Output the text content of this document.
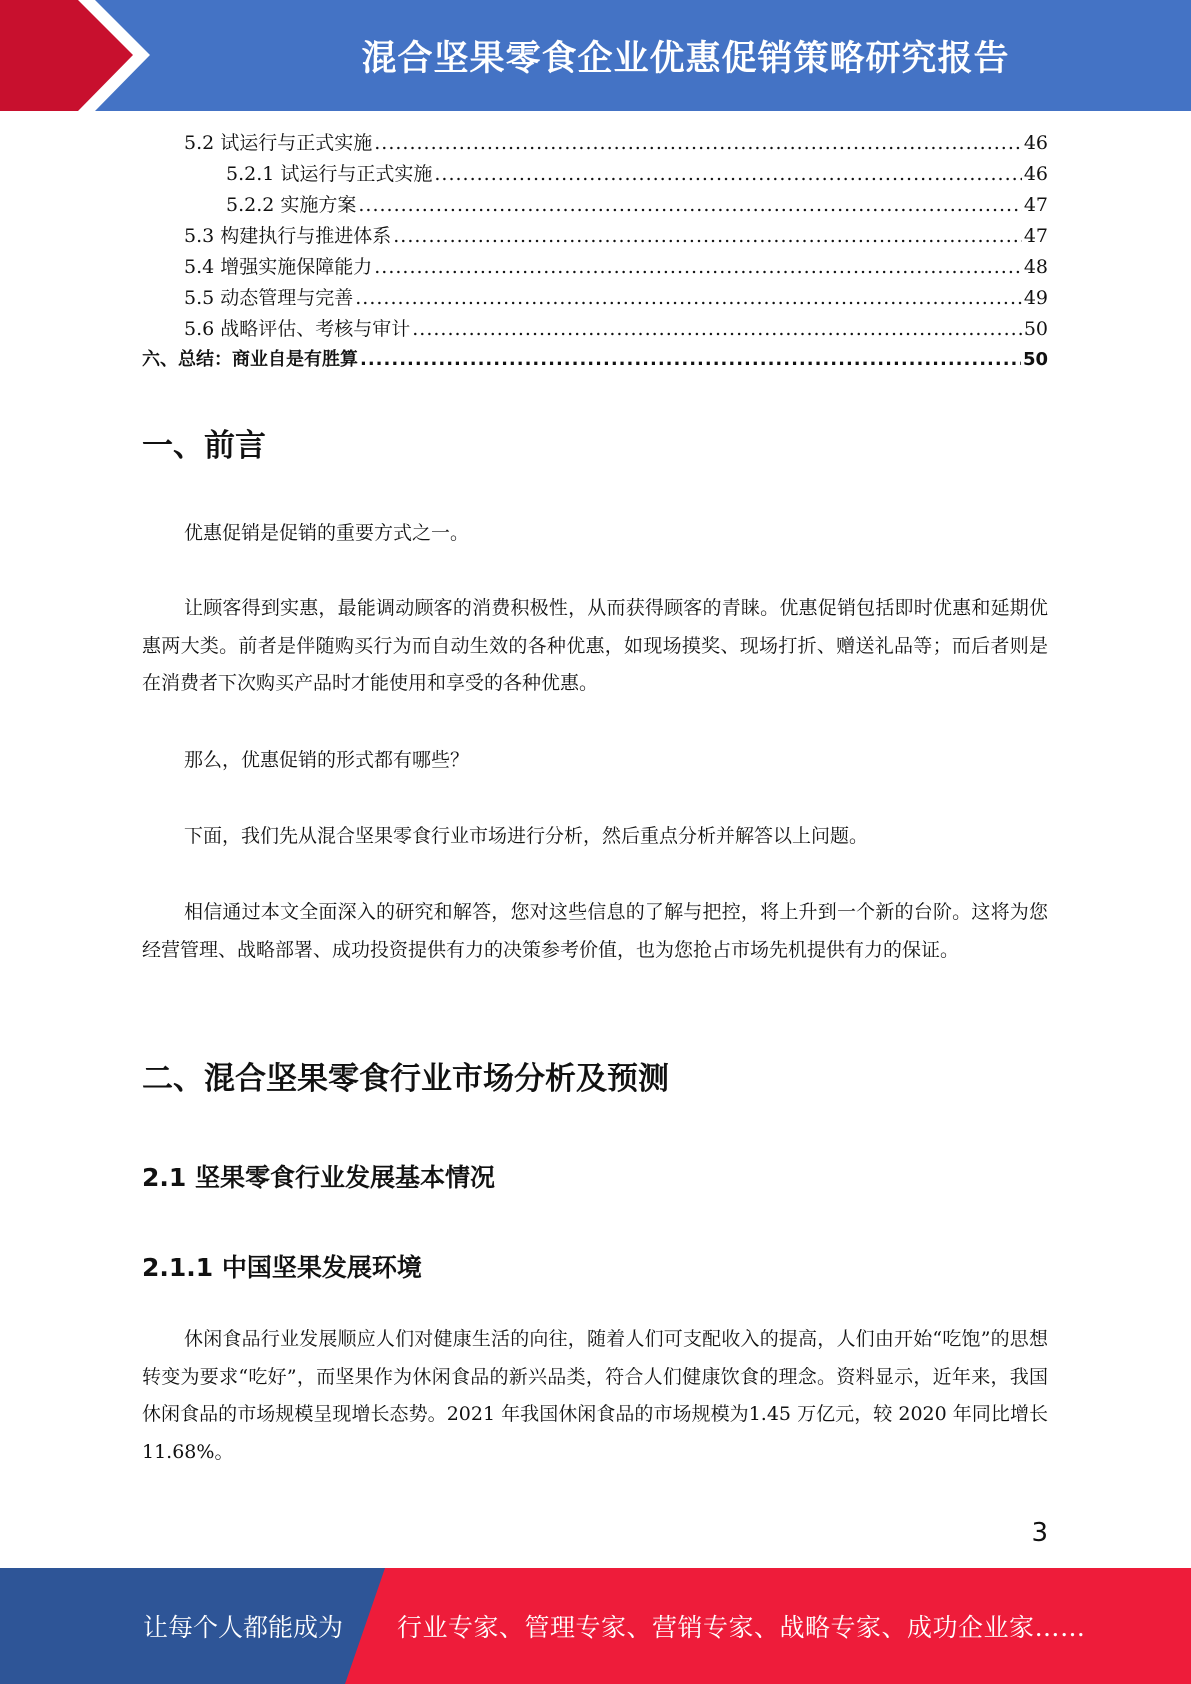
混合坚果零食企业优惠促销策略研究报告
5.2 试运行与正式实施 .....	46
5.2.1 试运行与正式实施 .....	46
5.2.2 实施方案 .....	47
5.3 构建执行与推进体系 .....	47
5.4 增强实施保障能力 .....	48
5.5 动态管理与完善 .....	49
5.6 战略评估、考核与审计 .....	50
六、总结：商业自是有胜算 .....	50
一、前言

优惠促销是促销的重要方式之一。

让顾客得到实惠，最能调动顾客的消费积极性，从而获得顾客的青睐。优惠促销包括即时优惠和延期优惠两大类。前者是伴随购买行为而自动生效的各种优惠，如现场摸奖、现场打折、赠送礼品等；而后者则是在消费者下次购买产品时才能使用和享受的各种优惠。

那么，优惠促销的形式都有哪些？

下面，我们先从混合坚果零食行业市场进行分析，然后重点分析并解答以上问题。

相信通过本文全面深入的研究和解答，您对这些信息的了解与把控，将上升到一个新的台阶。这将为您经营管理、战略部署、成功投资提供有力的决策参考价值，也为您抢占市场先机提供有力的保证。

二、混合坚果零食行业市场分析及预测
2.1 坚果零食行业发展基本情况
2.1.1 中国坚果发展环境

休闲食品行业发展顺应人们对健康生活的向往，随着人们可支配收入的提高，人们由开始“吃饱”的思想转变为要求“吃好”，而坚果作为休闲食品的新兴品类，符合人们健康饮食的理念。资料显示，近年来，我国休闲食品的市场规模呈现增长态势。2021 年我国休闲食品的市场规模为1.45 万亿元，较 2020 年同比增长 11.68%。

3
让每个人都能成为 行业专家、管理专家、营销专家、战略专家、成功企业家……
